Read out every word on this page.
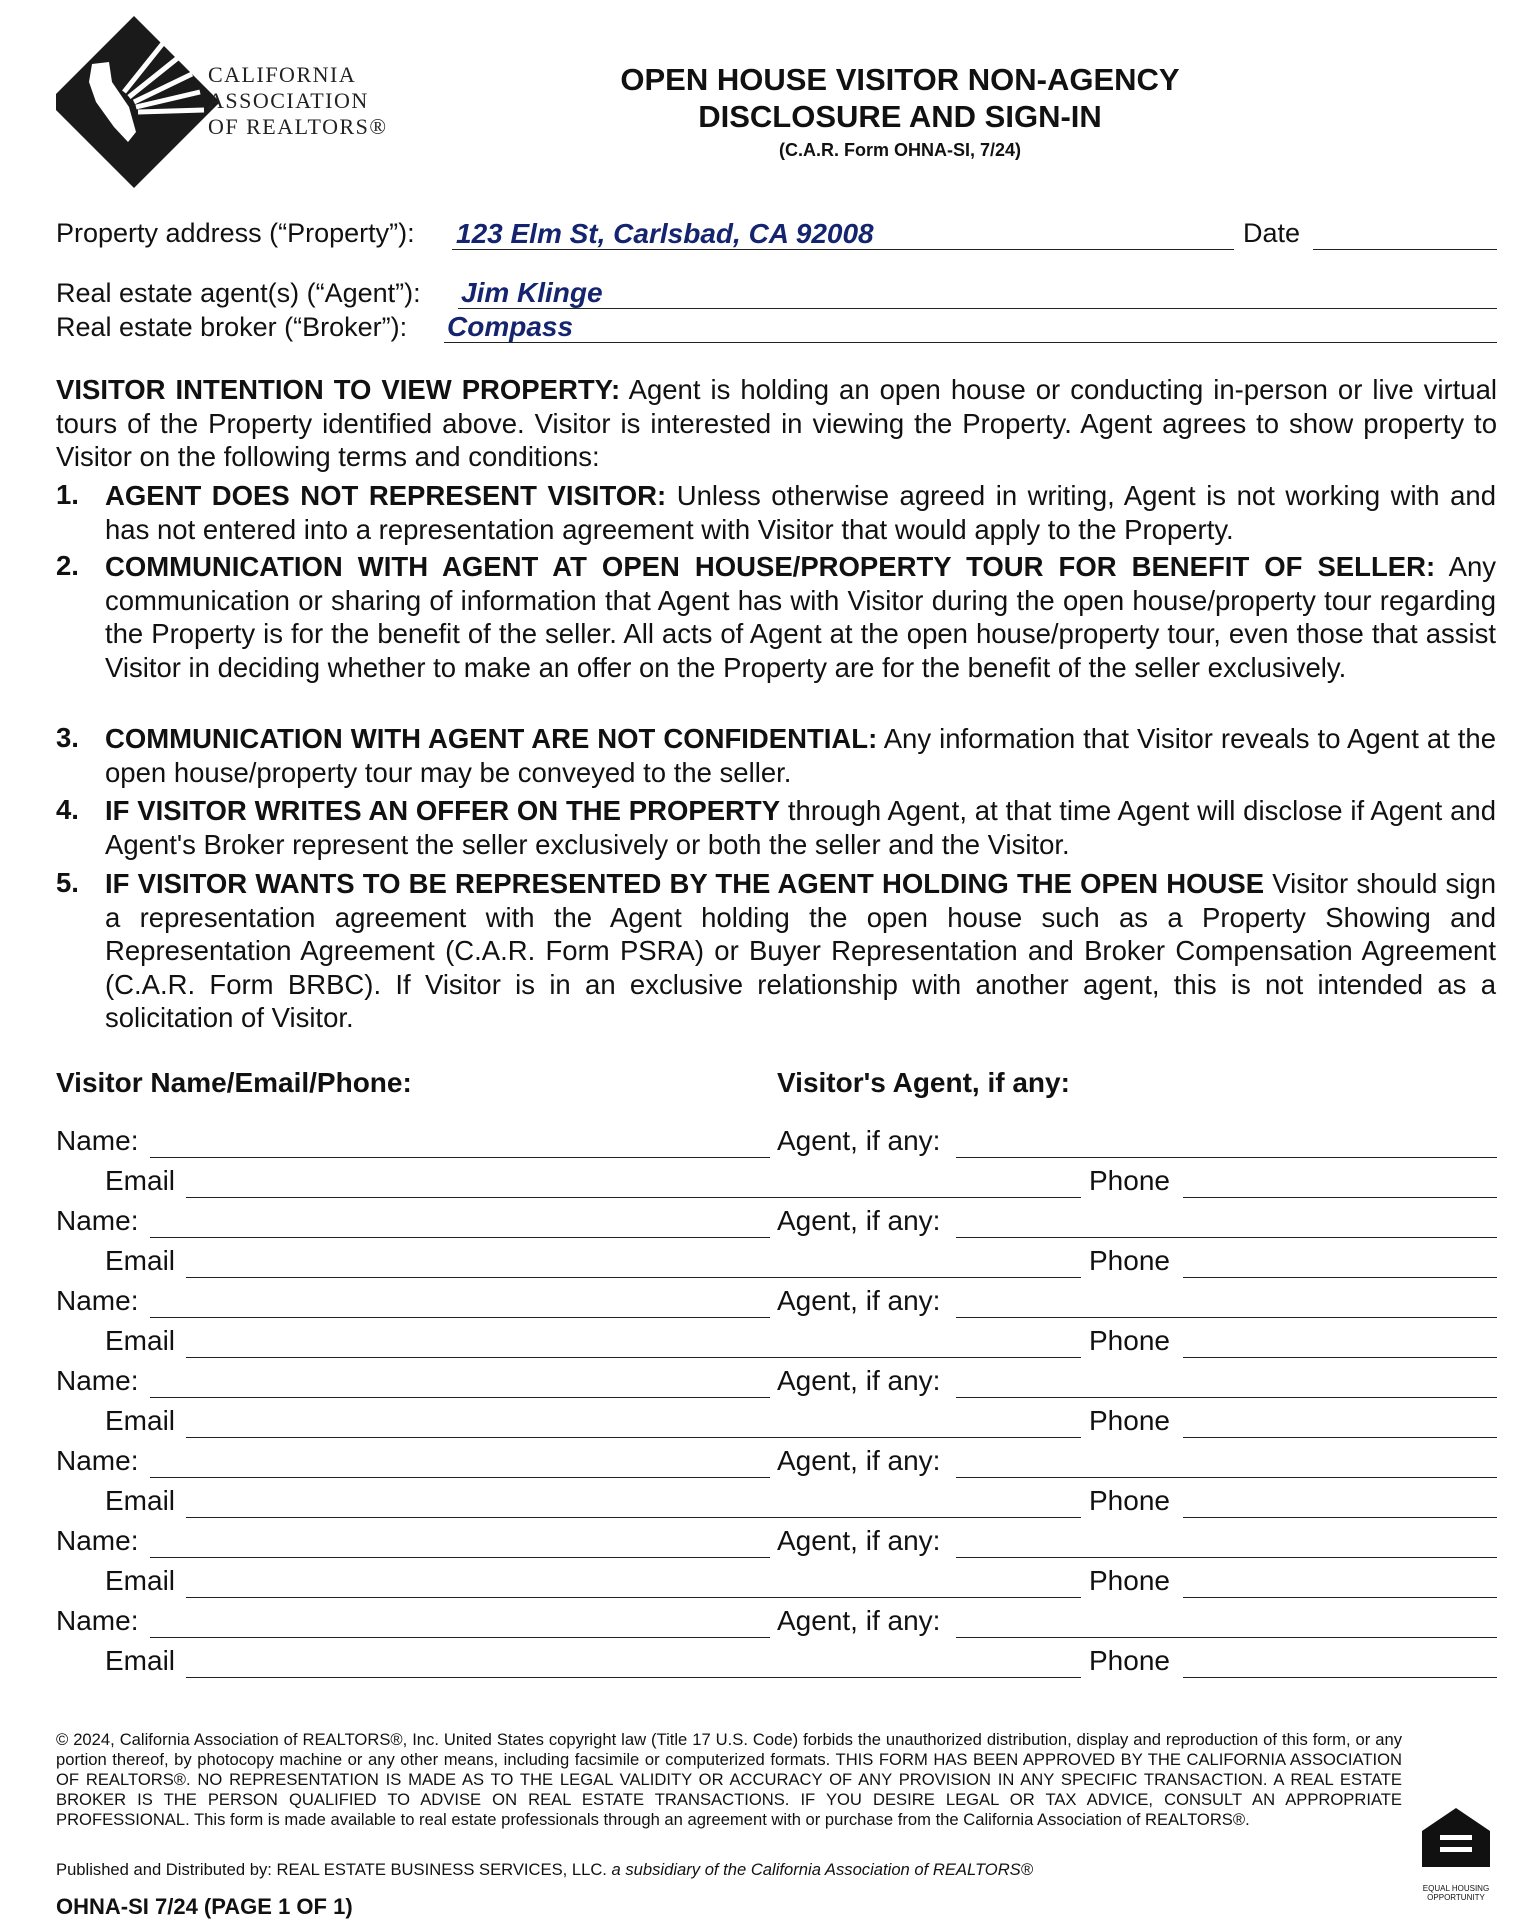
CALIFORNIA
ASSOCIATION
OF REALTORS®
OPEN HOUSE VISITOR NON-AGENCY
DISCLOSURE AND SIGN-IN
(C.A.R. Form OHNA-SI, 7/24)
Property address (“Property”): 123 Elm St, Carlsbad, CA 92008	Date
Real estate agent(s) (“Agent”): Jim Klinge
Real estate broker (“Broker”): Compass
VISITOR INTENTION TO VIEW PROPERTY: Agent is holding an open house or conducting in-person or live virtual tours of the Property identified above. Visitor is interested in viewing the Property. Agent agrees to show property to Visitor on the following terms and conditions:
1. AGENT DOES NOT REPRESENT VISITOR: Unless otherwise agreed in writing, Agent is not working with and has not entered into a representation agreement with Visitor that would apply to the Property.
2. COMMUNICATION WITH AGENT AT OPEN HOUSE/PROPERTY TOUR FOR BENEFIT OF SELLER: Any communication or sharing of information that Agent has with Visitor during the open house/property tour regarding the Property is for the benefit of the seller. All acts of Agent at the open house/property tour, even those that assist Visitor in deciding whether to make an offer on the Property are for the benefit of the seller exclusively.
3. COMMUNICATION WITH AGENT ARE NOT CONFIDENTIAL: Any information that Visitor reveals to Agent at the open house/property tour may be conveyed to the seller.
4. IF VISITOR WRITES AN OFFER ON THE PROPERTY through Agent, at that time Agent will disclose if Agent and Agent's Broker represent the seller exclusively or both the seller and the Visitor.
5. IF VISITOR WANTS TO BE REPRESENTED BY THE AGENT HOLDING THE OPEN HOUSE Visitor should sign a representation agreement with the Agent holding the open house such as a Property Showing and Representation Agreement (C.A.R. Form PSRA) or Buyer Representation and Broker Compensation Agreement (C.A.R. Form BRBC). If Visitor is in an exclusive relationship with another agent, this is not intended as a solicitation of Visitor.
Visitor Name/Email/Phone:	Visitor's Agent, if any:
Name:	Agent, if any:
Email	Phone
Name:	Agent, if any:
Email	Phone
Name:	Agent, if any:
Email	Phone
Name:	Agent, if any:
Email	Phone
Name:	Agent, if any:
Email	Phone
Name:	Agent, if any:
Email	Phone
Name:	Agent, if any:
Email	Phone
© 2024, California Association of REALTORS®, Inc. United States copyright law (Title 17 U.S. Code) forbids the unauthorized distribution, display and reproduction of this form, or any portion thereof, by photocopy machine or any other means, including facsimile or computerized formats. THIS FORM HAS BEEN APPROVED BY THE CALIFORNIA ASSOCIATION OF REALTORS®. NO REPRESENTATION IS MADE AS TO THE LEGAL VALIDITY OR ACCURACY OF ANY PROVISION IN ANY SPECIFIC TRANSACTION. A REAL ESTATE BROKER IS THE PERSON QUALIFIED TO ADVISE ON REAL ESTATE TRANSACTIONS. IF YOU DESIRE LEGAL OR TAX ADVICE, CONSULT AN APPROPRIATE PROFESSIONAL. This form is made available to real estate professionals through an agreement with or purchase from the California Association of REALTORS®.
Published and Distributed by: REAL ESTATE BUSINESS SERVICES, LLC. a subsidiary of the California Association of REALTORS®
OHNA-SI 7/24 (PAGE 1 OF 1)
EQUAL HOUSING OPPORTUNITY
